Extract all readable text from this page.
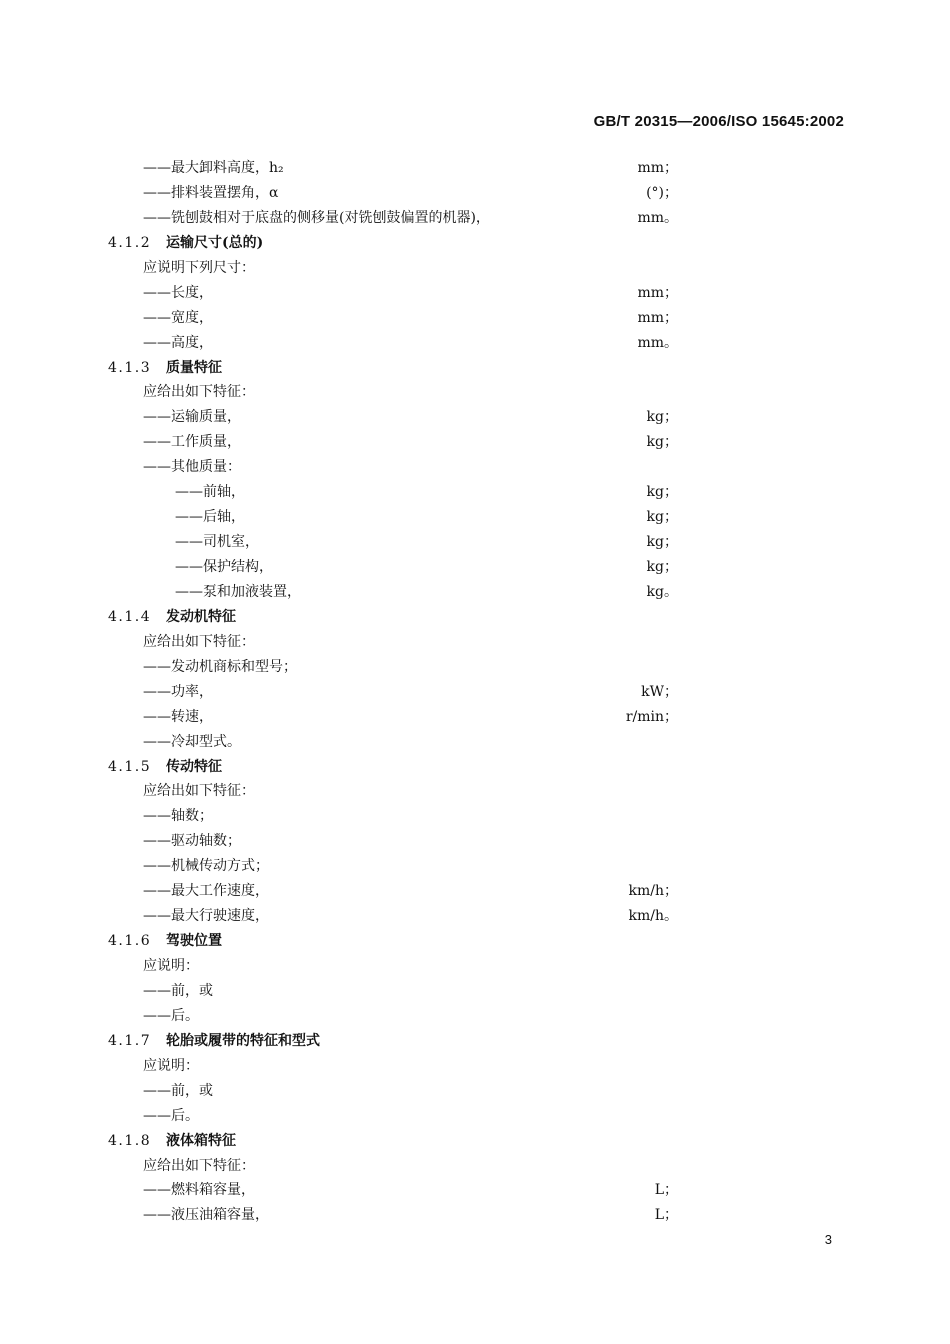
GB/T 20315—2006/ISO 15645:2002
——最大卸料高度，h₂	mm；
——排料装置摆角，α	(°)；
——铣刨鼓相对于底盘的侧移量(对铣刨鼓偏置的机器)，	mm。
4.1.2 运输尺寸(总的)
应说明下列尺寸：
——长度，	mm；
——宽度，	mm；
——高度，	mm。
4.1.3 质量特征
应给出如下特征：
——运输质量，	kg；
——工作质量，	kg；
——其他质量：
——前轴，	kg；
——后轴，	kg；
——司机室，	kg；
——保护结构，	kg；
——泵和加液装置，	kg。
4.1.4 发动机特征
应给出如下特征：
——发动机商标和型号；
——功率，	kW；
——转速，	r/min；
——冷却型式。
4.1.5 传动特征
应给出如下特征：
——轴数；
——驱动轴数；
——机械传动方式；
——最大工作速度，	km/h；
——最大行驶速度，	km/h。
4.1.6 驾驶位置
应说明：
——前，或
——后。
4.1.7 轮胎或履带的特征和型式
应说明：
——前，或
——后。
4.1.8 液体箱特征
应给出如下特征：
——燃料箱容量，	L；
——液压油箱容量，	L；
3
